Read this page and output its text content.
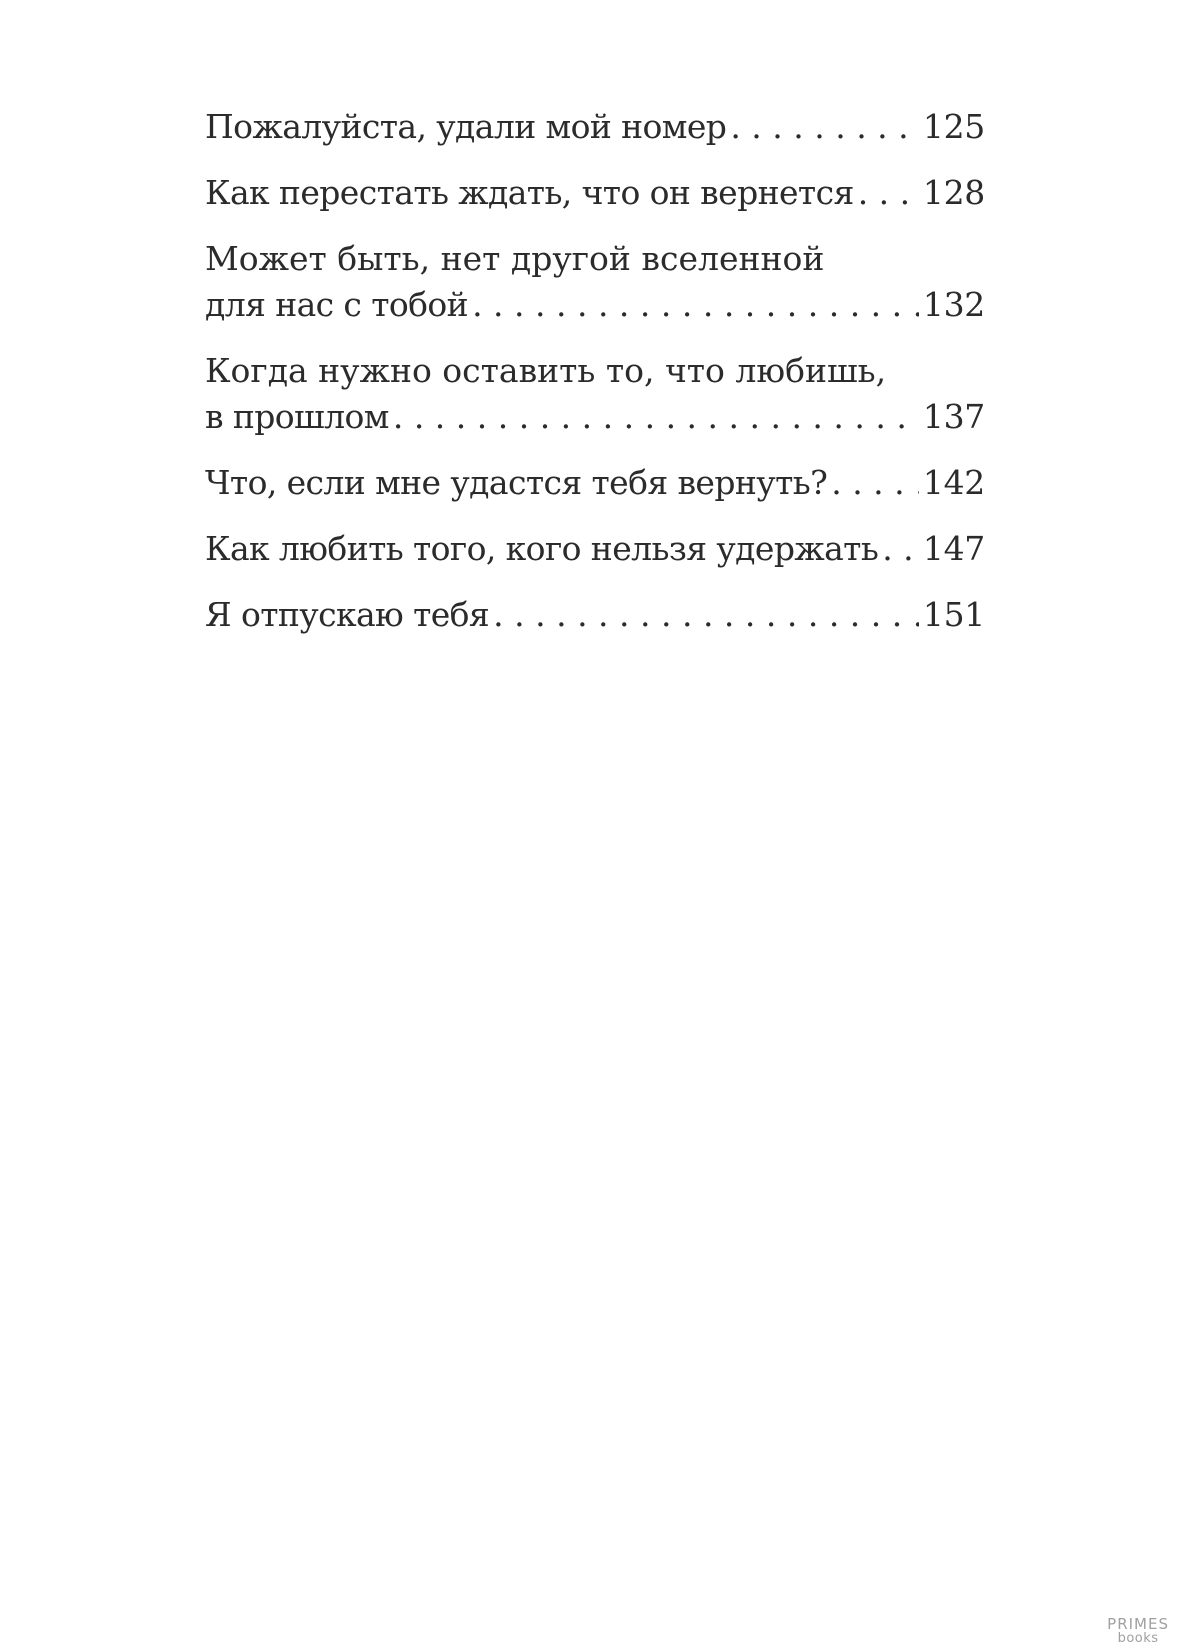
Пожалуйста, удали мой номер . . .	125
Как перестать ждать, что он вернется . . . 128
Может быть, нет другой вселенной
для нас с тобой . . .	132
Когда нужно оставить то, что любишь,
в прошлом . . .	137
Что, если мне удастся тебя вернуть? . . .	142
Как любить того, кого нельзя удержать . . . 147
Я отпускаю тебя . . .	151
PRIMES
books
